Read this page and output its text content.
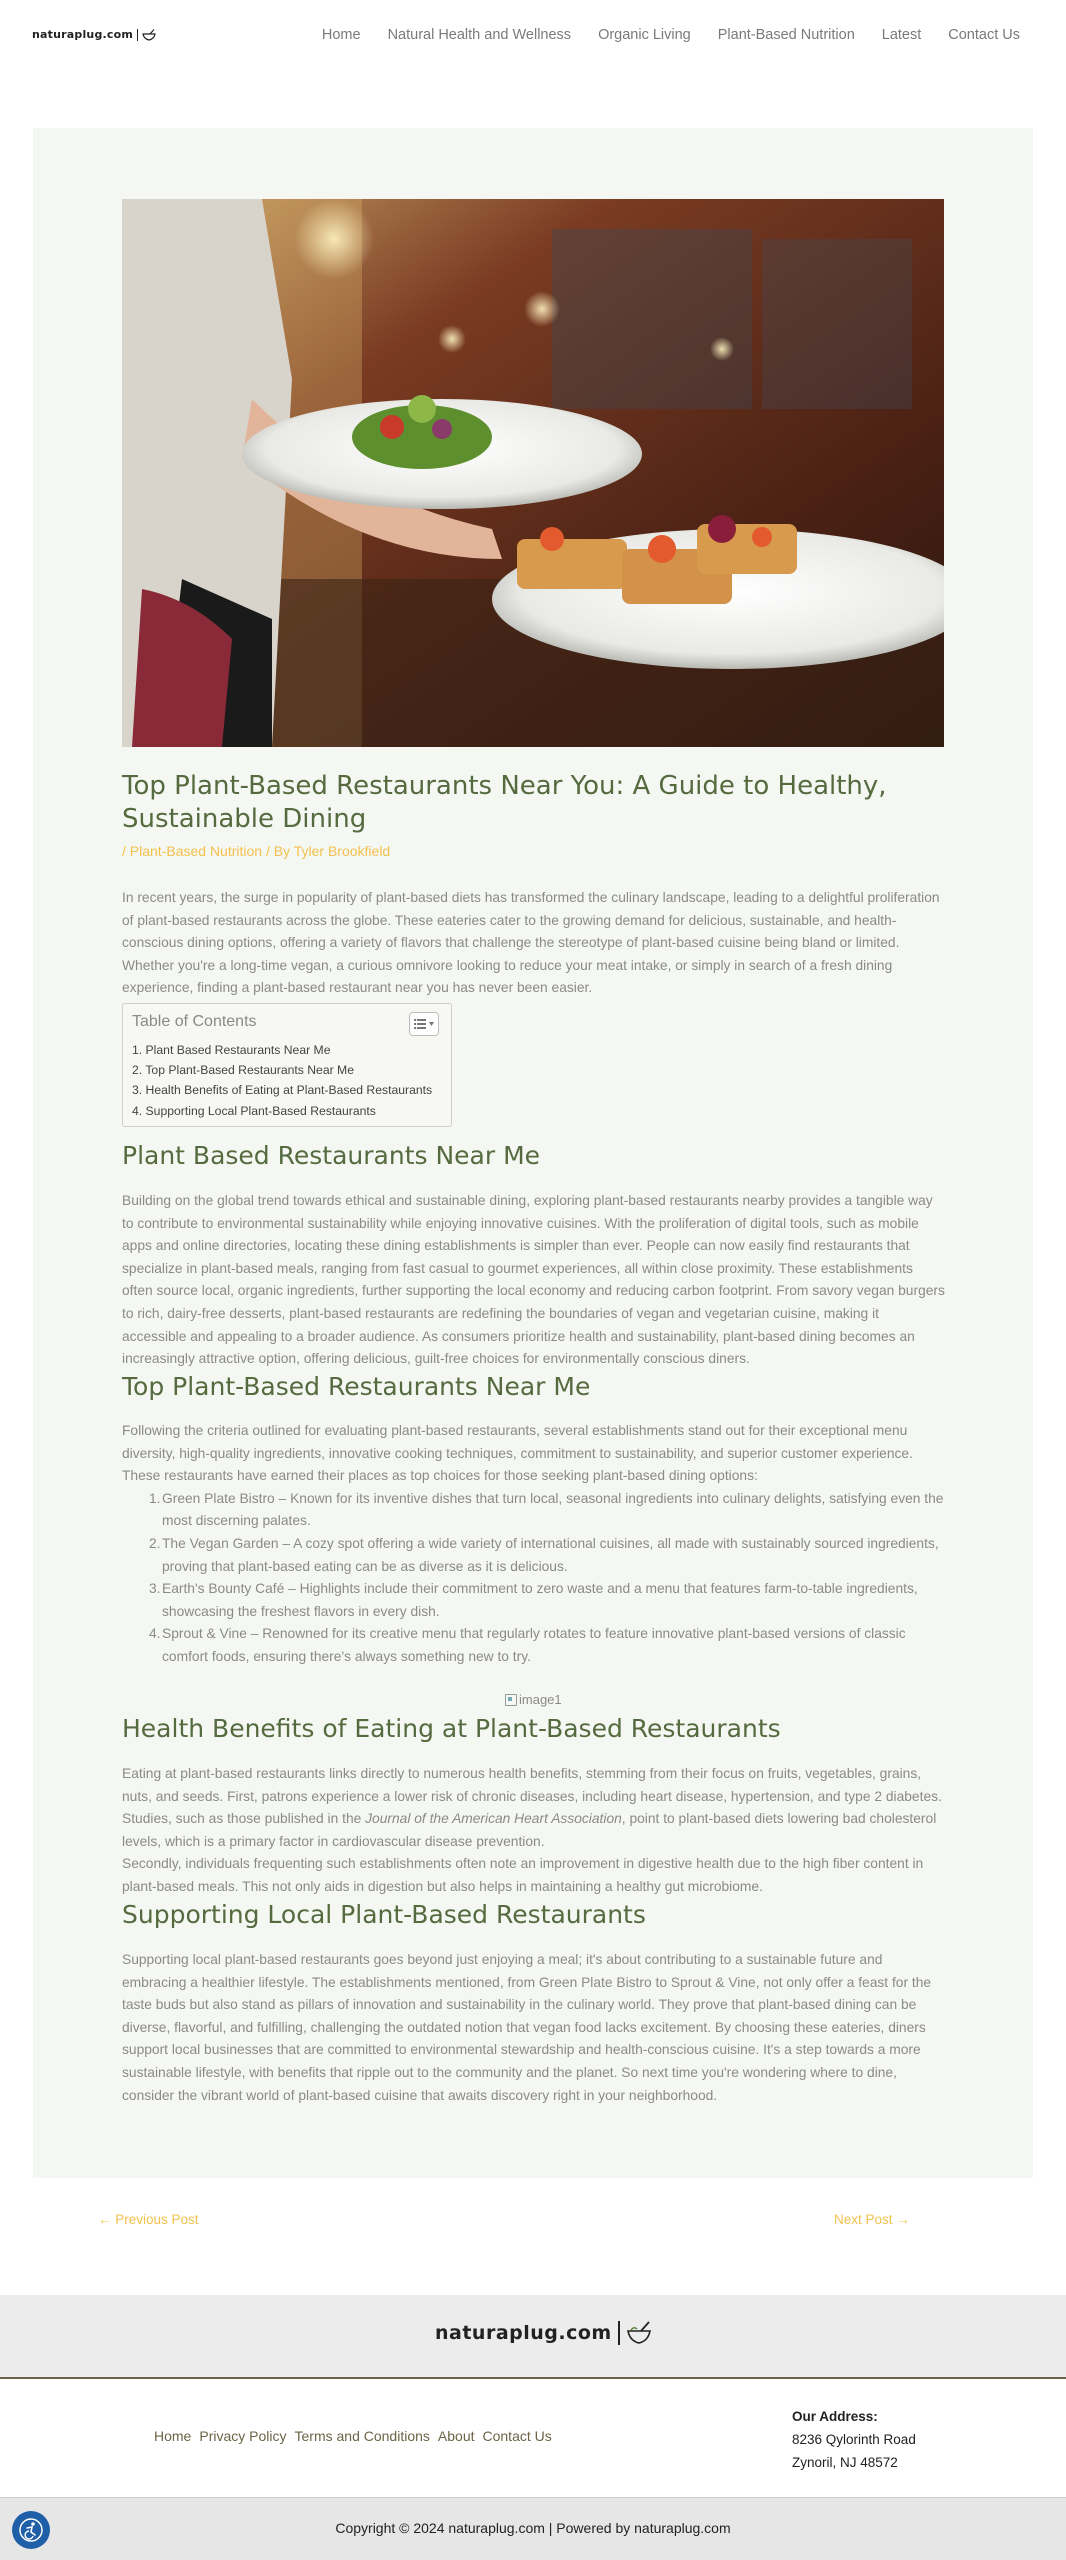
naturaplug.com	Home Natural Health and Wellness Organic Living Plant-Based Nutrition Latest Contact Us
Top Plant-Based Restaurants Near You: A Guide to Healthy, Sustainable Dining
/ Plant-Based Nutrition / By Tyler Brookfield

In recent years, the surge in popularity of plant-based diets has transformed the culinary landscape, leading to a delightful proliferation of plant-based restaurants across the globe. These eateries cater to the growing demand for delicious, sustainable, and health-conscious dining options, offering a variety of flavors that challenge the stereotype of plant-based cuisine being bland or limited. Whether you're a long-time vegan, a curious omnivore looking to reduce your meat intake, or simply in search of a fresh dining experience, finding a plant-based restaurant near you has never been easier.

Table of Contents
1. Plant Based Restaurants Near Me
2. Top Plant-Based Restaurants Near Me
3. Health Benefits of Eating at Plant-Based Restaurants
4. Supporting Local Plant-Based Restaurants
Plant Based Restaurants Near Me

Building on the global trend towards ethical and sustainable dining, exploring plant-based restaurants nearby provides a tangible way to contribute to environmental sustainability while enjoying innovative cuisines. With the proliferation of digital tools, such as mobile apps and online directories, locating these dining establishments is simpler than ever. People can now easily find restaurants that specialize in plant-based meals, ranging from fast casual to gourmet experiences, all within close proximity. These establishments often source local, organic ingredients, further supporting the local economy and reducing carbon footprint. From savory vegan burgers to rich, dairy-free desserts, plant-based restaurants are redefining the boundaries of vegan and vegetarian cuisine, making it accessible and appealing to a broader audience. As consumers prioritize health and sustainability, plant-based dining becomes an increasingly attractive option, offering delicious, guilt-free choices for environmentally conscious diners.

Top Plant-Based Restaurants Near Me

Following the criteria outlined for evaluating plant-based restaurants, several establishments stand out for their exceptional menu diversity, high-quality ingredients, innovative cooking techniques, commitment to sustainability, and superior customer experience. These restaurants have earned their places as top choices for those seeking plant-based dining options:

1. Green Plate Bistro – Known for its inventive dishes that turn local, seasonal ingredients into culinary delights, satisfying even the most discerning palates.
2. The Vegan Garden – A cozy spot offering a wide variety of international cuisines, all made with sustainably sourced ingredients, proving that plant-based eating can be as diverse as it is delicious.
3. Earth's Bounty Café – Highlights include their commitment to zero waste and a menu that features farm-to-table ingredients, showcasing the freshest flavors in every dish.
4. Sprout & Vine – Renowned for its creative menu that regularly rotates to feature innovative plant-based versions of classic comfort foods, ensuring there's always something new to try.
image1
Health Benefits of Eating at Plant-Based Restaurants

Eating at plant-based restaurants links directly to numerous health benefits, stemming from their focus on fruits, vegetables, grains, nuts, and seeds. First, patrons experience a lower risk of chronic diseases, including heart disease, hypertension, and type 2 diabetes. Studies, such as those published in the Journal of the American Heart Association, point to plant-based diets lowering bad cholesterol levels, which is a primary factor in cardiovascular disease prevention.

Secondly, individuals frequenting such establishments often note an improvement in digestive health due to the high fiber content in plant-based meals. This not only aids in digestion but also helps in maintaining a healthy gut microbiome.

Supporting Local Plant-Based Restaurants

Supporting local plant-based restaurants goes beyond just enjoying a meal; it's about contributing to a sustainable future and embracing a healthier lifestyle. The establishments mentioned, from Green Plate Bistro to Sprout & Vine, not only offer a feast for the taste buds but also stand as pillars of innovation and sustainability in the culinary world. They prove that plant-based dining can be diverse, flavorful, and fulfilling, challenging the outdated notion that vegan food lacks excitement. By choosing these eateries, diners support local businesses that are committed to environmental stewardship and health-conscious cuisine. It's a step towards a more sustainable lifestyle, with benefits that ripple out to the community and the planet. So next time you're wondering where to dine, consider the vibrant world of plant-based cuisine that awaits discovery right in your neighborhood.

← Previous Post	Next Post →
naturaplug.com
Home Privacy Policy Terms and Conditions About Contact Us
Our Address:
8236 Qylorinth Road
Zynoril, NJ 48572
Copyright © 2024 naturaplug.com | Powered by naturaplug.com
